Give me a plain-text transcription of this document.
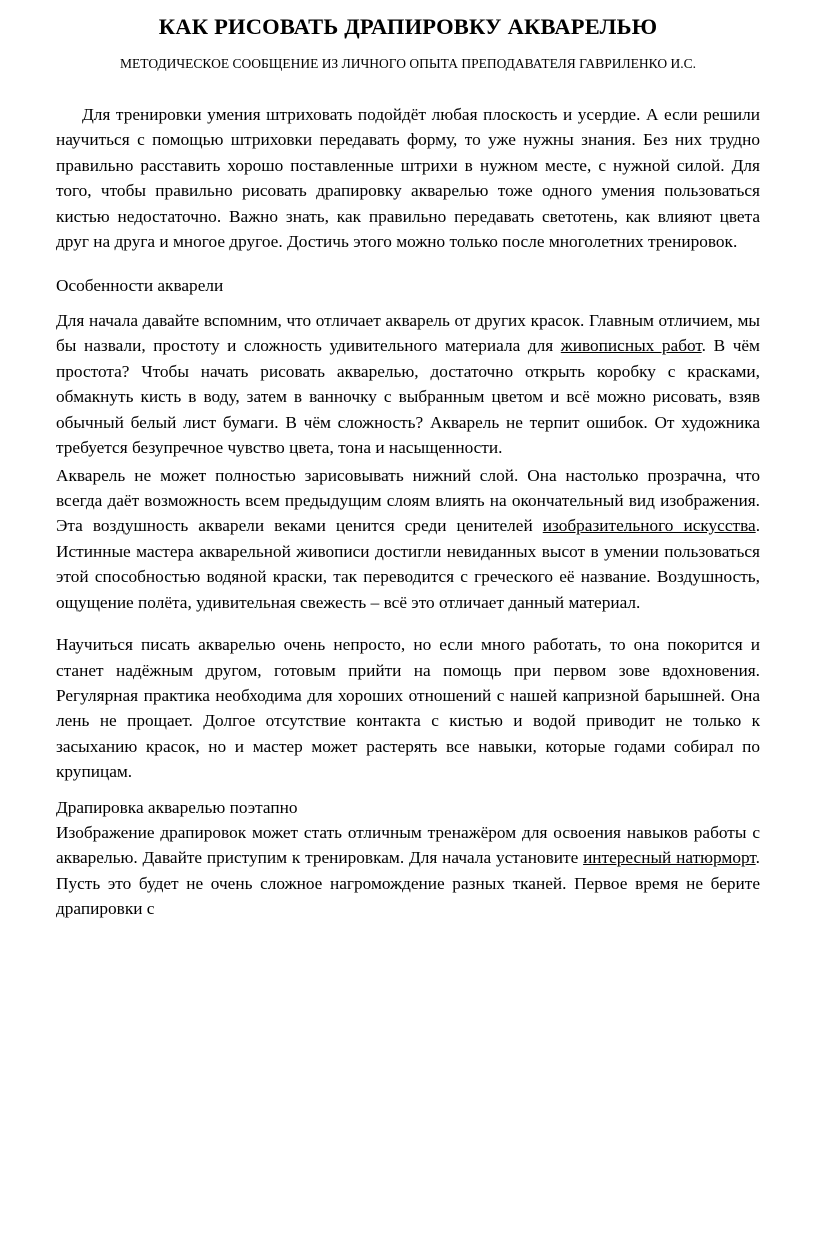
КАК РИСОВАТЬ ДРАПИРОВКУ АКВАРЕЛЬЮ
МЕТОДИЧЕСКОЕ СООБЩЕНИЕ ИЗ ЛИЧНОГО ОПЫТА ПРЕПОДАВАТЕЛЯ ГАВРИЛЕНКО И.С.

Для тренировки умения штриховать подойдёт любая плоскость и усердие. А если решили научиться с помощью штриховки передавать форму, то уже нужны знания. Без них трудно правильно расставить хорошо поставленные штрихи в нужном месте, с нужной силой. Для того, чтобы правильно рисовать драпировку акварелью тоже одного умения пользоваться кистью недостаточно. Важно знать, как правильно передавать светотень, как влияют цвета друг на друга и многое другое. Достичь этого можно только после многолетних тренировок.

Особенности акварели

Для начала давайте вспомним, что отличает акварель от других красок. Главным отличием, мы бы назвали, простоту и сложность удивительного материала для живописных работ. В чём простота? Чтобы начать рисовать акварелью, достаточно открыть коробку с красками, обмакнуть кисть в воду, затем в ванночку с выбранным цветом и всё можно рисовать, взяв обычный белый лист бумаги. В чём сложность? Акварель не терпит ошибок. От художника требуется безупречное чувство цвета, тона и насыщенности.

Акварель не может полностью зарисовывать нижний слой. Она настолько прозрачна, что всегда даёт возможность всем предыдущим слоям влиять на окончательный вид изображения. Эта воздушность акварели веками ценится среди ценителей изобразительного искусства. Истинные мастера акварельной живописи достигли невиданных высот в умении пользоваться этой способностью водяной краски, так переводится с греческого её название. Воздушность, ощущение полёта, удивительная свежесть – всё это отличает данный материал.

Научиться писать акварелью очень непросто, но если много работать, то она покорится и станет надёжным другом, готовым прийти на помощь при первом зове вдохновения. Регулярная практика необходима для хороших отношений с нашей капризной барышней. Она лень не прощает. Долгое отсутствие контакта с кистью и водой приводит не только к засыханию красок, но и мастер может растерять все навыки, которые годами собирал по крупицам.

Драпировка акварелью поэтапно

Изображение драпировок может стать отличным тренажёром для освоения навыков работы с акварелью. Давайте приступим к тренировкам. Для начала установите интересный натюрморт. Пусть это будет не очень сложное нагромождение разных тканей. Первое время не берите драпировки с
